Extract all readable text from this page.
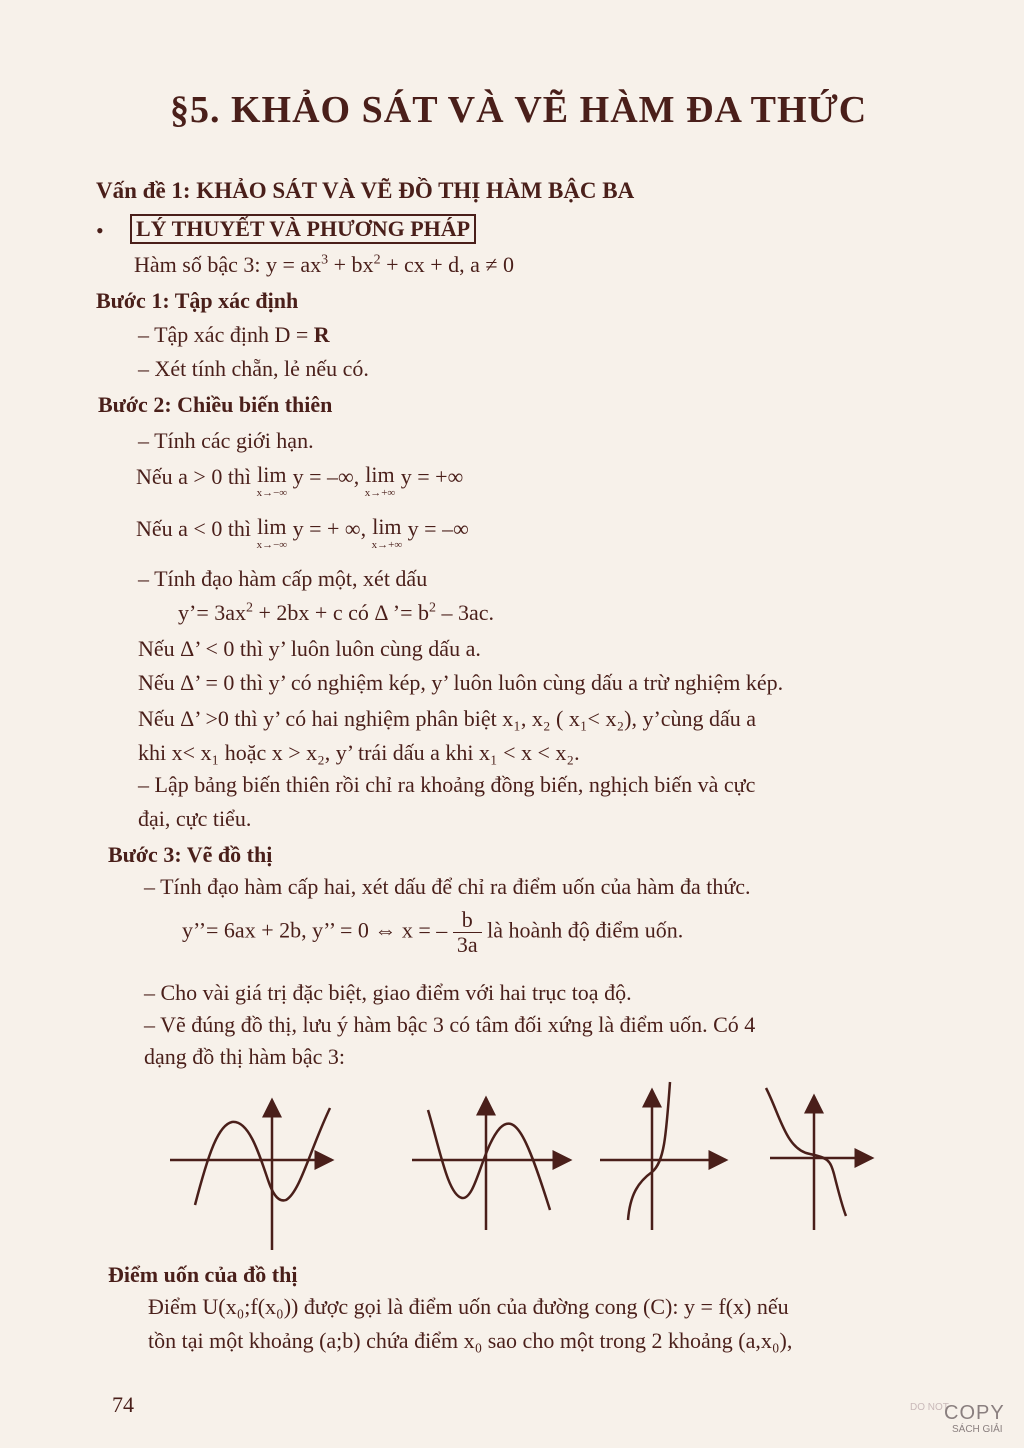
§5. KHẢO SÁT VÀ VẼ HÀM ĐA THỨC
Vấn đề 1: KHẢO SÁT VÀ VẼ ĐỒ THỊ HÀM BẬC BA
• LÝ THUYẾT VÀ PHƯƠNG PHÁP
Hàm số bậc 3: $y = ax^3 + bx^2$ + cx + d, a ≠ 0
Bước 1: Tập xác định
– Tập xác định D = R
– Xét tính chẵn, lẻ nếu có.
Bước 2: Chiều biến thiên
– Tính các giới hạn.
Nếu a > 0 thì lim
x→−∞
y = –∞, lim
x→+∞
y = +∞
Nếu a < 0 thì lim
x→−∞
y = + ∞, lim
x→+∞
y = –∞
– Tính đạo hàm cấp một, xét dấu
y’= $3ax^2 + 2bx + c$ có Δ ’= $b^2 - 3ac$.
Nếu Δ’ < 0 thì y’ luôn luôn cùng dấu a.
Nếu Δ’ = 0 thì y’ có nghiệm kép, y’ luôn luôn cùng dấu a trừ nghiệm kép.
Nếu Δ’ >0 thì y’ có hai nghiệm phân biệt x₁, x₂ ( x₁< x₂), y’cùng dấu a
khi x< x₁ hoặc x > x₂, y’ trái dấu a khi x₁ < x < x₂.
– Lập bảng biến thiên rồi chỉ ra khoảng đồng biến, nghịch biến và cực
đại, cực tiểu.
Bước 3: Vẽ đồ thị
– Tính đạo hàm cấp hai, xét dấu để chỉ ra điểm uốn của hàm đa thức.
y’’= 6ax + 2b, y’’ = 0 ⇔ x = – $\frac{b}{3a}$ là hoành độ điểm uốn.
– Cho vài giá trị đặc biệt, giao điểm với hai trục toạ độ.
– Vẽ đúng đồ thị, lưu ý hàm bậc 3 có tâm đối xứng là điểm uốn. Có 4
dạng đồ thị hàm bậc 3:
Điểm uốn của đồ thị
Điểm U(x₀;f(x₀)) được gọi là điểm uốn của đường cong (C): y = f(x) nếu
tồn tại một khoảng (a;b) chứa điểm x₀ sao cho một trong 2 khoảng (a,x₀),
74	DO NOT
COPY
SÁCH GIẢI
